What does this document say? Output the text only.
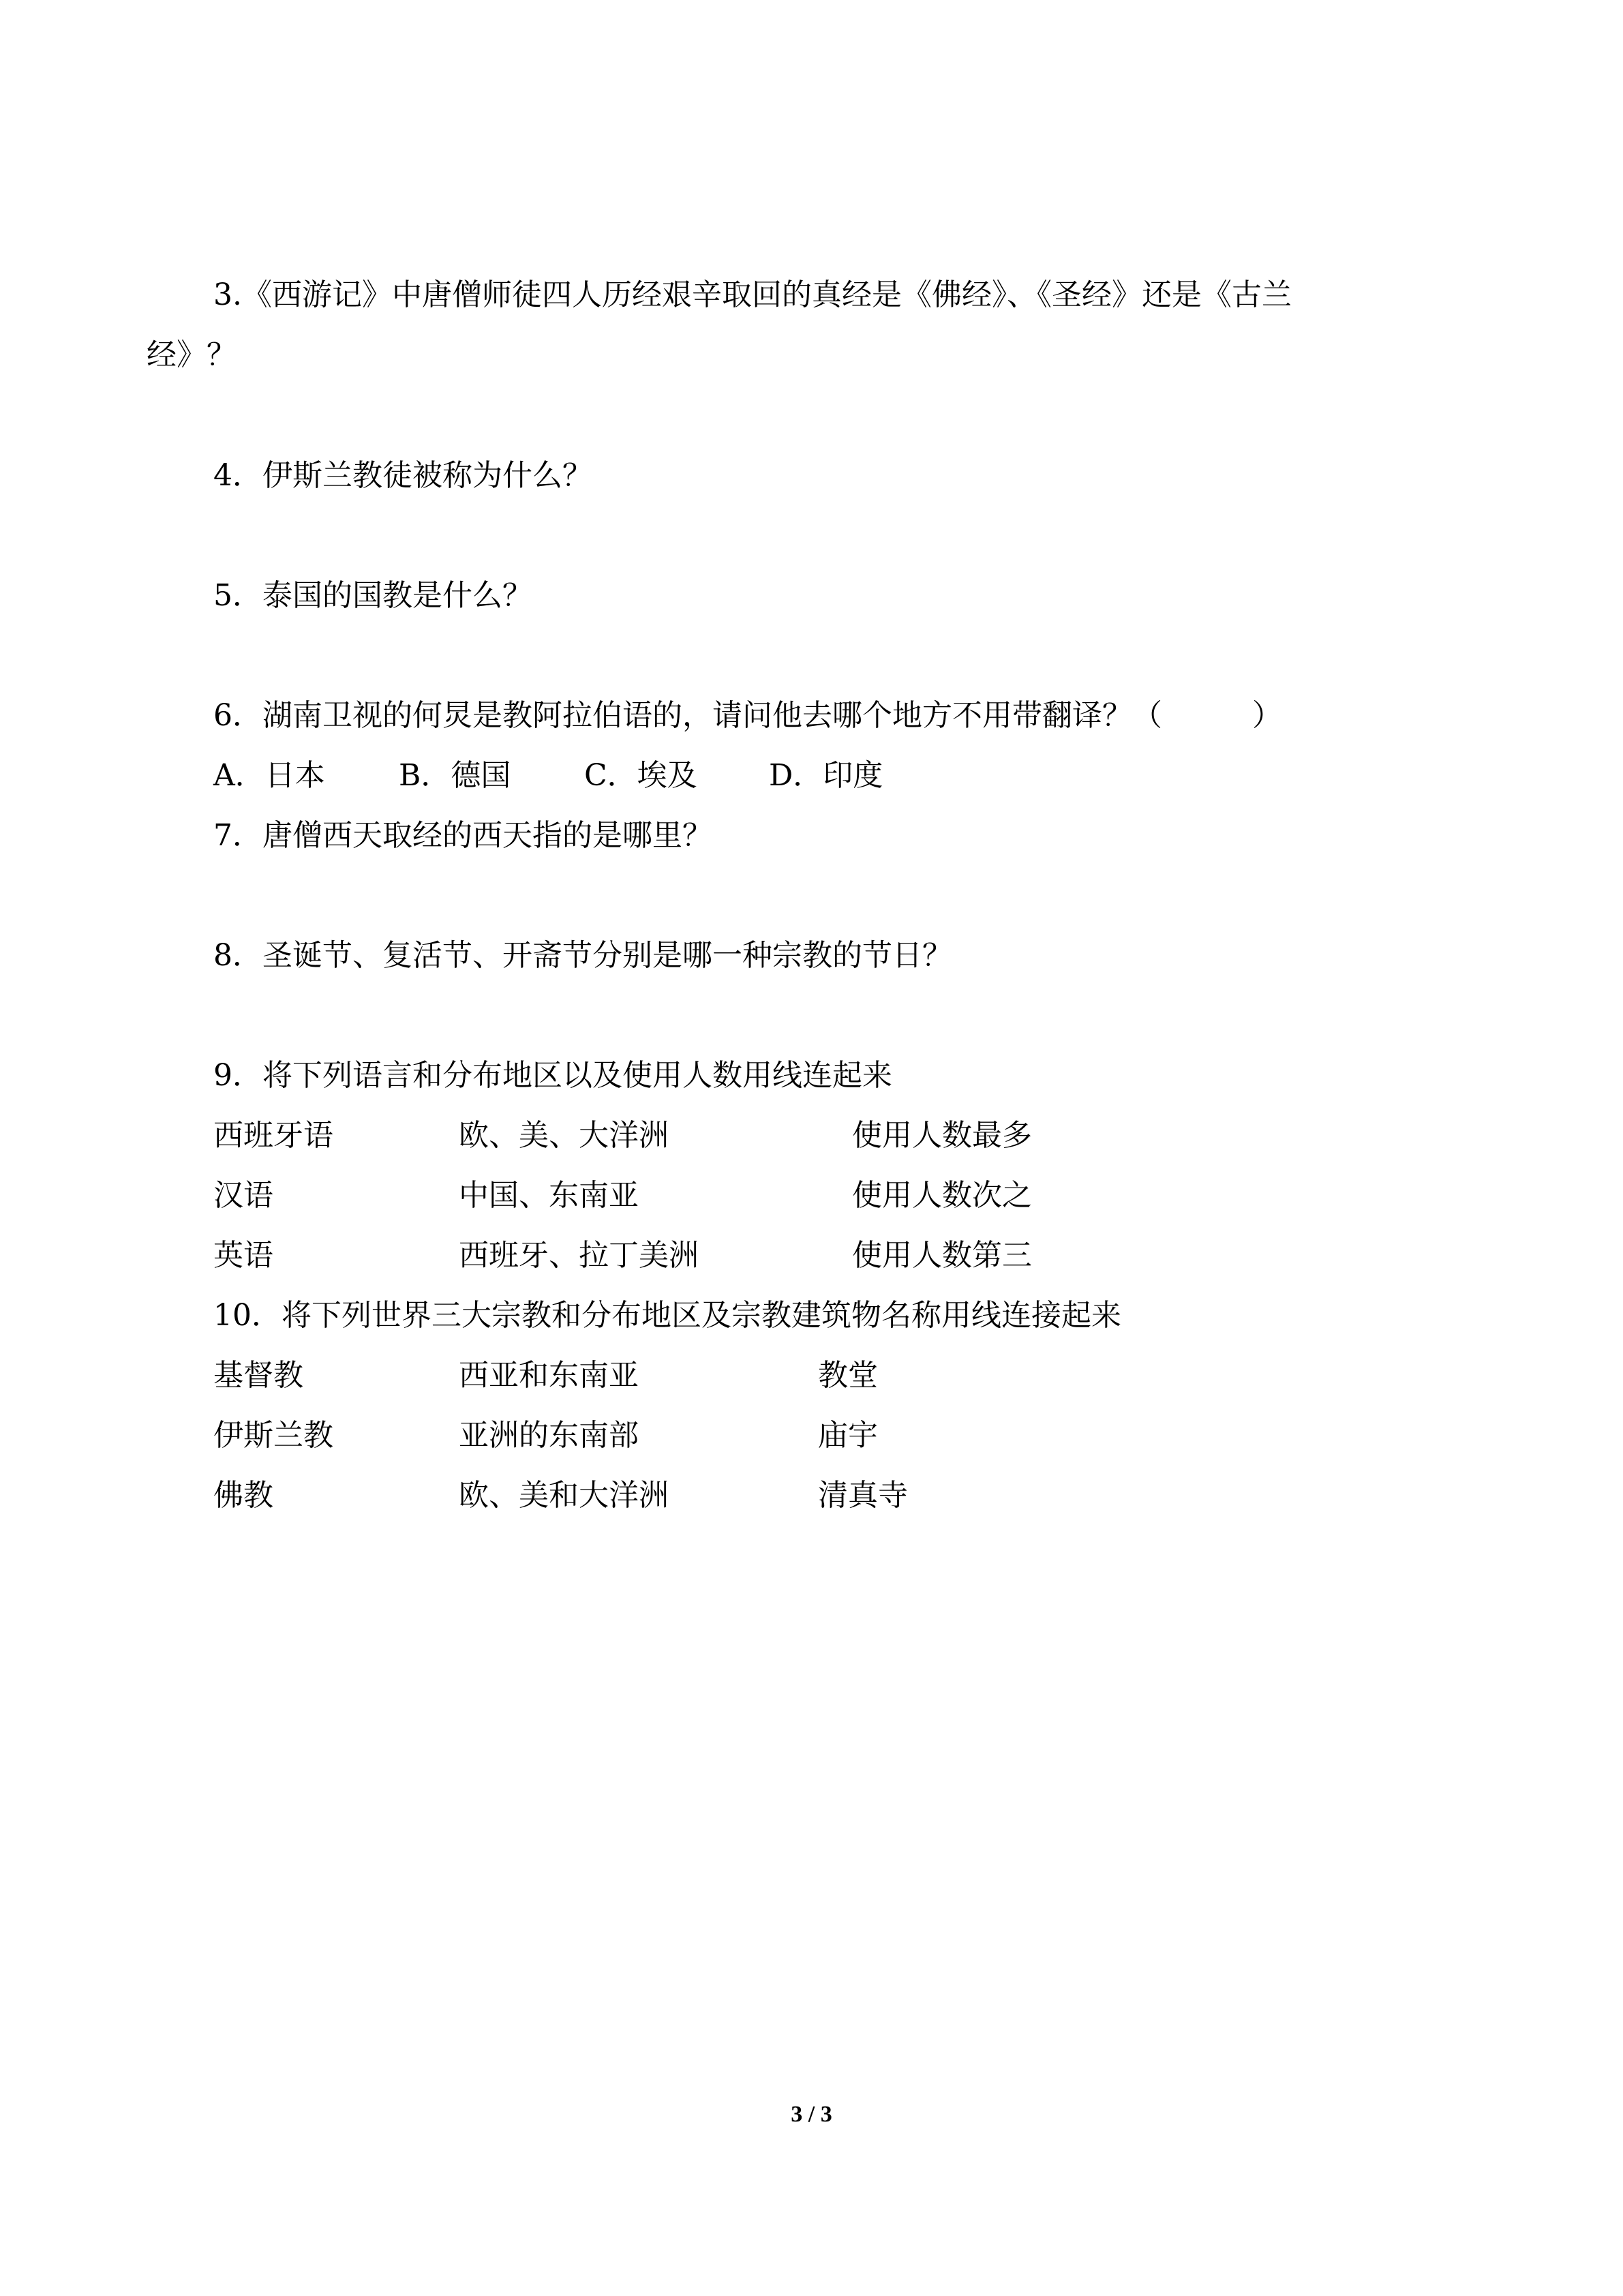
3.《西游记》中唐僧师徒四人历经艰辛取回的真经是《佛经》、《圣经》还是《古兰
经》？
4．伊斯兰教徒被称为什么？
5．泰国的国教是什么？
6．湖南卫视的何炅是教阿拉伯语的，请问他去哪个地方不用带翻译？（　　　）
A．日本 B．德国 C．埃及 D．印度
7．唐僧西天取经的西天指的是哪里？
8．圣诞节、复活节、开斋节分别是哪一种宗教的节日？
9．将下列语言和分布地区以及使用人数用线连起来
西班牙语	欧、美、大洋洲	使用人数最多
汉语	中国、东南亚	使用人数次之
英语	西班牙、拉丁美洲	使用人数第三
10．将下列世界三大宗教和分布地区及宗教建筑物名称用线连接起来
基督教	西亚和东南亚	教堂
伊斯兰教	亚洲的东南部	庙宇
佛教	欧、美和大洋洲	清真寺
3 / 3
